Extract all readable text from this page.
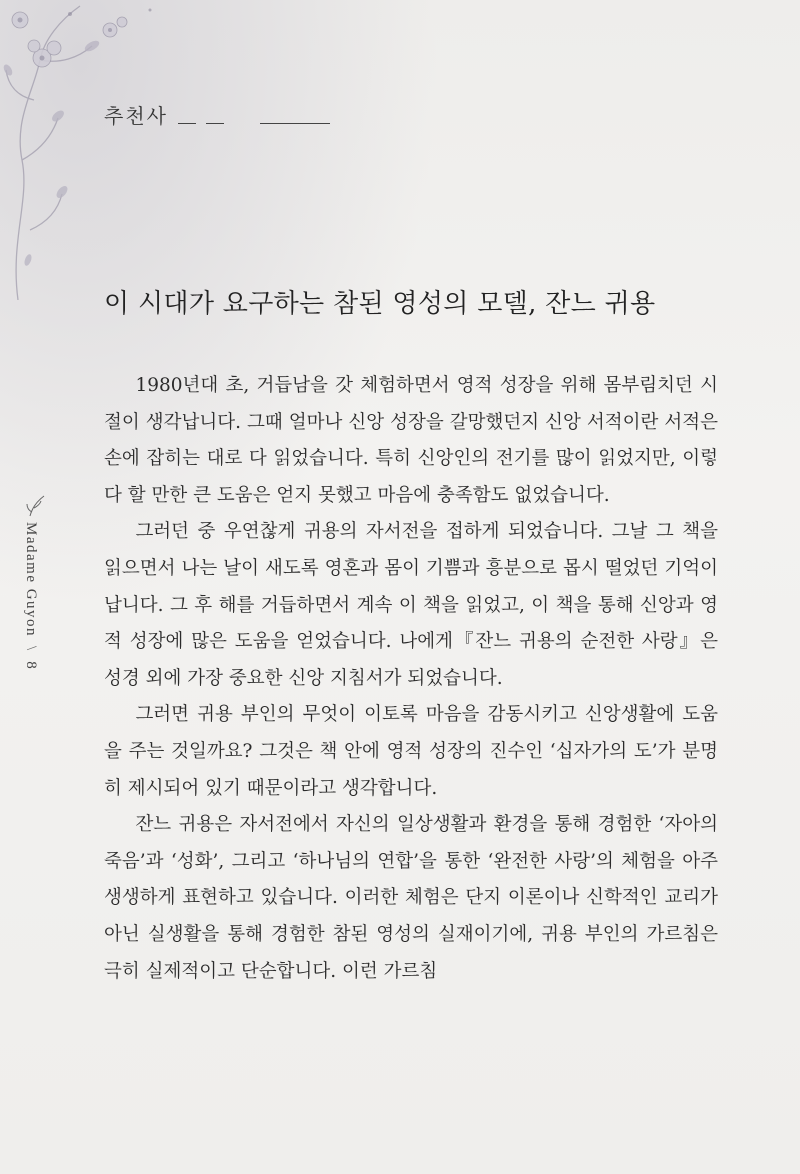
추천사
이 시대가 요구하는 참된 영성의 모델, 잔느 귀용

1980년대 초, 거듭남을 갓 체험하면서 영적 성장을 위해 몸부림치던 시절이 생각납니다. 그때 얼마나 신앙 성장을 갈망했던지 신앙 서적이란 서적은 손에 잡히는 대로 다 읽었습니다. 특히 신앙인의 전기를 많이 읽었지만, 이렇다 할 만한 큰 도움은 얻지 못했고 마음에 충족함도 없었습니다.

그러던 중 우연찮게 귀용의 자서전을 접하게 되었습니다. 그날 그 책을 읽으면서 나는 날이 새도록 영혼과 몸이 기쁨과 흥분으로 몹시 떨었던 기억이 납니다. 그 후 해를 거듭하면서 계속 이 책을 읽었고, 이 책을 통해 신앙과 영적 성장에 많은 도움을 얻었습니다. 나에게『잔느 귀용의 순전한 사랑』은 성경 외에 가장 중요한 신앙 지침서가 되었습니다.

그러면 귀용 부인의 무엇이 이토록 마음을 감동시키고 신앙생활에 도움을 주는 것일까요? 그것은 책 안에 영적 성장의 진수인 ‘십자가의 도’가 분명히 제시되어 있기 때문이라고 생각합니다.

잔느 귀용은 자서전에서 자신의 일상생활과 환경을 통해 경험한 ‘자아의 죽음’과 ‘성화’, 그리고 ‘하나님의 연합’을 통한 ‘완전한 사랑’의 체험을 아주 생생하게 표현하고 있습니다. 이러한 체험은 단지 이론이나 신학적인 교리가 아닌 실생활을 통해 경험한 참된 영성의 실재이기에, 귀용 부인의 가르침은 극히 실제적이고 단순합니다. 이런 가르침

Madame Guyon \ 8
